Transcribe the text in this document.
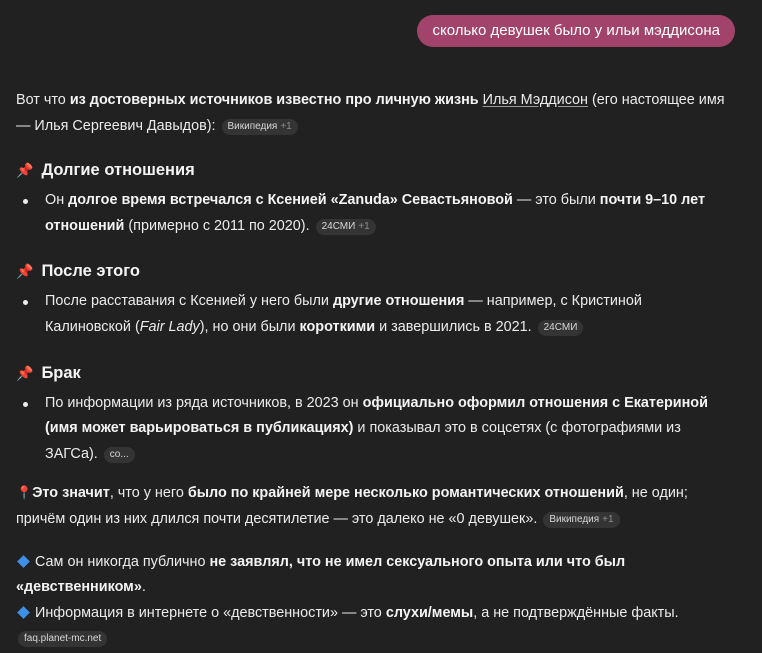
сколько девушек было у ильи мэддисона

Вот что из достоверных источников известно про личную жизнь Илья Мэддисон (его настоящее имя — Илья Сергеевич Давыдов): Википедия +1

📌 Долгие отношения
Он долгое время встречался с Ксенией «Zanuda» Севастьяновой — это были почти 9–10 лет отношений (примерно с 2011 по 2020). 24СМИ +1
📌 После этого
После расставания с Ксенией у него были другие отношения — например, с Кристиной Калиновской (Fair Lady), но они были короткими и завершились в 2021. 24СМИ
📌 Брак
По информации из ряда источников, в 2023 он официально оформил отношения с Екатериной (имя может варьироваться в публикациях) и показывал это в соцсетях (с фотографиями из ЗАГСа). co...

📍Это значит, что у него было по крайней мере несколько романтических отношений, не один; причём один из них длился почти десятилетие — это далеко не «0 девушек». Википедия +1

Сам он никогда публично не заявлял, что не имел сексуального опыта или что был «девственником».

Информация в интернете о «девственности» — это слухи/мемы, а не подтверждённые факты.

faq.planet-mc.net
